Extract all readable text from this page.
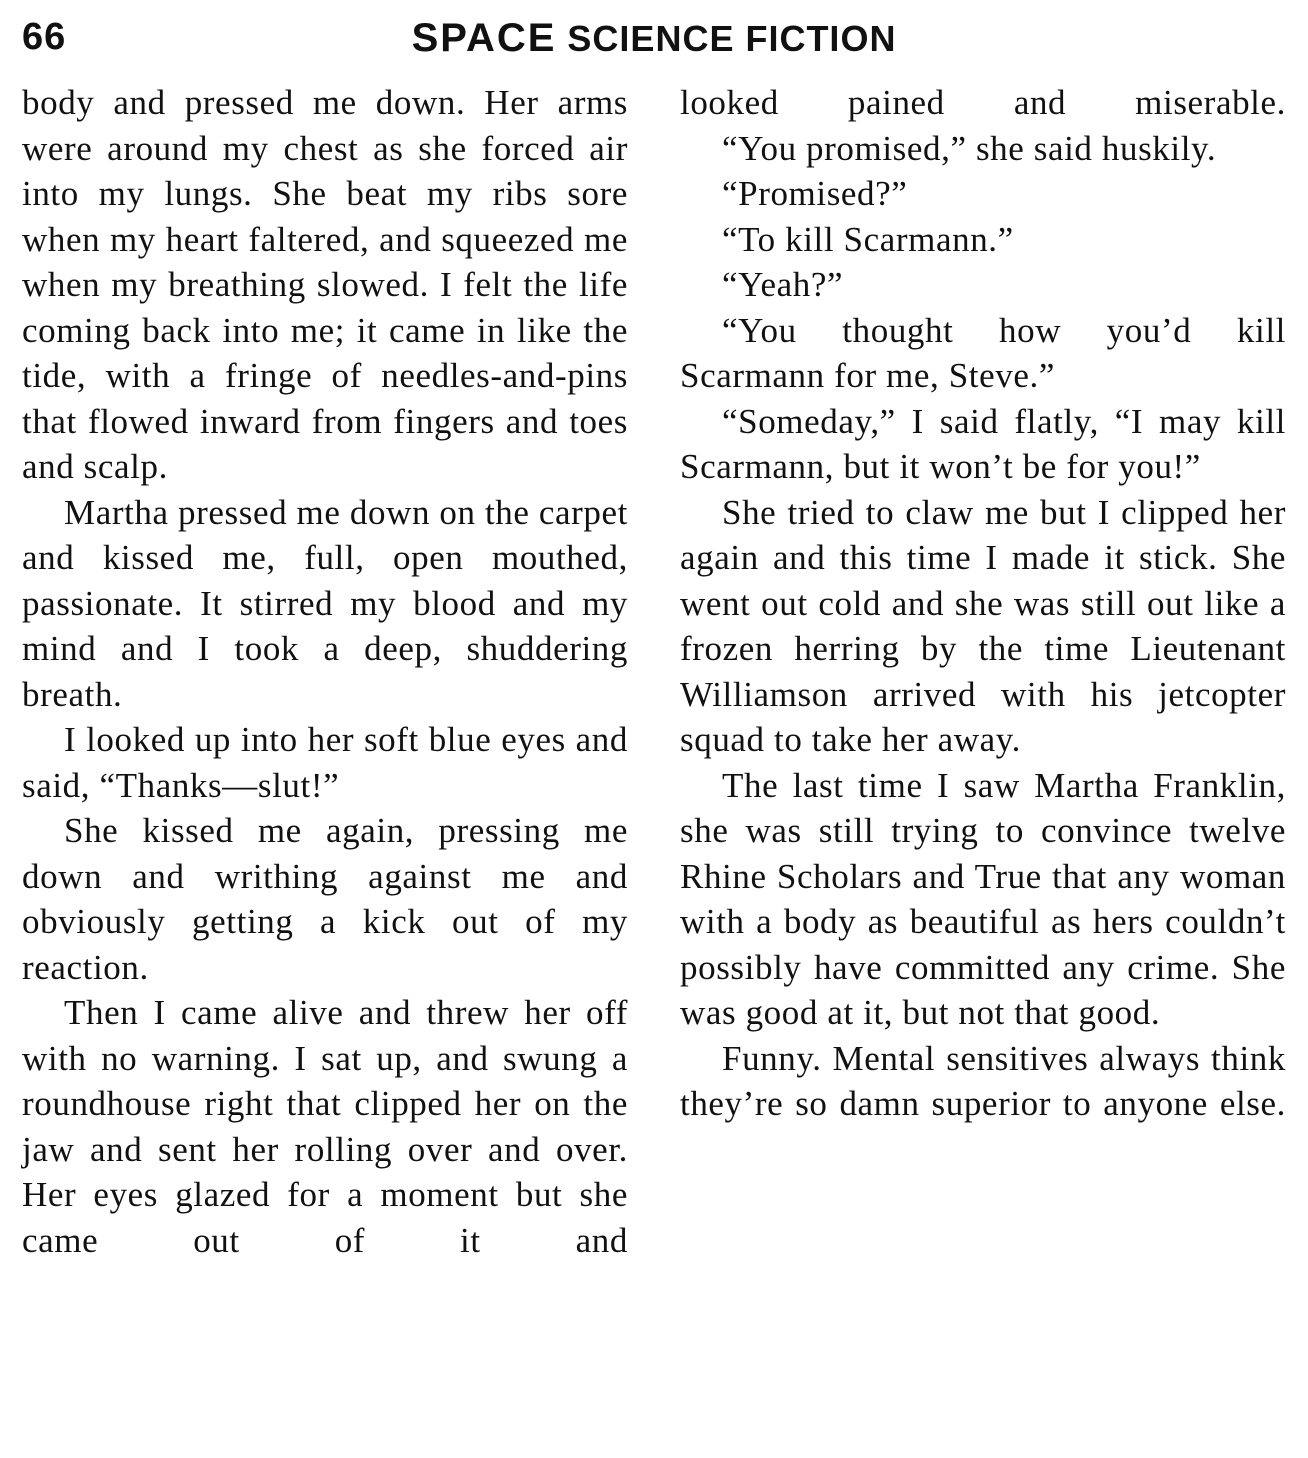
66	SPACE SCIENCE FICTION

body and pressed me down. Her arms were around my chest as she forced air into my lungs. She beat my ribs sore when my heart faltered, and squeezed me when my breathing slowed. I felt the life coming back into me; it came in like the tide, with a fringe of needles-and-pins that flowed inward from fingers and toes and scalp.

Martha pressed me down on the carpet and kissed me, full, open mouthed, passionate. It stirred my blood and my mind and I took a deep, shuddering breath.

I looked up into her soft blue eyes and said, “Thanks—slut!”

She kissed me again, pressing me down and writhing against me and obviously getting a kick out of my reaction.

Then I came alive and threw her off with no warning. I sat up, and swung a roundhouse right that clipped her on the jaw and sent her rolling over and over. Her eyes glazed for a moment but she came out of it and

looked pained and miserable.

“You promised,” she said huskily.

“Promised?”

“To kill Scarmann.”

“Yeah?”

“You thought how you’d kill Scarmann for me, Steve.”

“Someday,” I said flatly, “I may kill Scarmann, but it won’t be for you!”

She tried to claw me but I clipped her again and this time I made it stick. She went out cold and she was still out like a frozen herring by the time Lieutenant Williamson arrived with his jetcopter squad to take her away.

The last time I saw Martha Franklin, she was still trying to convince twelve Rhine Scholars and True that any woman with a body as beautiful as hers couldn’t possibly have committed any crime. She was good at it, but not that good.

Funny. Mental sensitives always think they’re so damn superior to anyone else.
